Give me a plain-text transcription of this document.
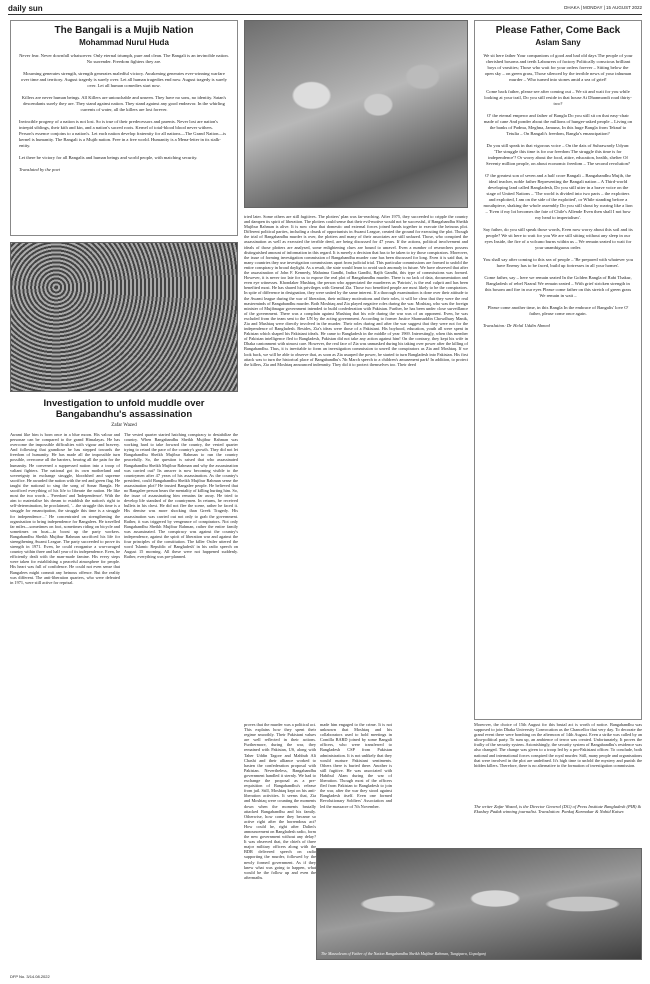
daily sun	DHAKA | MONDAY | 15 AUGUST 2022
The Bangali is a Mujib Nation
Mohammad Nurul Huda
Never fear. Never downfall whatsoever. Only eternal triumph, pure and clean. The Bangali is an invincible nation. No surrender. Freedom fighters they are.
Mourning generates strength, strength generates maledful victory. Awakening generates ever-winning warfare over time and territory. August tragedy is surely over. Let all human tragedies end now. August tragedy is surely over. Let all human comedies start now.
Killers are never human beings. All Killers are untouchable and unseen. They have no sons, no identity. Satan's descendants surely they are. They stand against nation. They stand against any good endeavor. In the whirling currents of water, all the killers are lost forever.
Invincible progeny of a nation is not lost. So is true of their predecessors and parents. Never lost are nation's intrepid siblings, their kith and kin, and a nation's sacred roots. Kernel of total-blood blood never withers. Person's essence conjoins to a nation's. Let each nation develop fraternity for all nations—The Grand Nation—is kernel is humanity. The Bangali is a Mujib nation. Free in a free world. Humanity is a Mena-letter in its stalk-entity.
Let there be victory for all Bangalis and human beings and world people, with matching security.
Translated by the poet
Investigation to unfold muddle over Bangabandhu's assassination
Zafar Wazed
Awami like him is born once in a blue moon. His valour and personae can be compared to the grand Himalayas. He has overcome the impossible difficulties with vigour and bravery. And following that grandiose he has stepped towards the freedom of humanity. He has made all the impossible turn possible, overcome all the barriers, bearing all the pain for the humanity. He convened a suppressed nation into a troop of valiant fighters. The national got its own motherland and sovereignty in exchange struggle, bloodshed and supreme sacrifice. He awarded the nation with the red and green flag. He taught the national to sing the song of Sonar Bangla. He sacrificed everything of his life to liberate the nation. He like most the two words – 'Freedom' and 'Independence'. With the aim to materialise his dream to establish the nation's right to self-determination, he proclaimed, '…the struggle this time is a struggle for emancipation, the struggle this time is a struggle for independence…' He concentrated on strengthening the organisation to bring independence for Bangalees. He travelled far miles—sometimes on foot, sometimes riding on bicycle and sometimes on boat—to boost up the party workers. Bangabandhu Sheikh Mujibur Rahman sacrificed his life for strengthening Awami League. The party succeeded to prove its strength in 1971. Even, he could reorganise a war-ravaged country within three and half year of its independence. Even, he efficiently dealt with the man-made famine. His every steps were taken for establishing a peaceful atmosphere for people. His heart was full of confidence. He could not even sense that Bangalees might commit any heinous offence. But the reality was different. The anti-liberation quarters, who were defeated in 1971, were still active for reprisal.
The vested quarter started hatching conspiracy to destabilize the country. When Bangabandhu Sheikh Mujibur Rahman was working hard to take forward the country, the vested quarter trying to retard the pace of the country's growth. They did not let Bangabandhu Sheikh Mujibur Rahman to run the country peacefully. So, the question is raised that who assassinated Bangabandhu Sheikh Mujibur Rahman and why the assassination was carried out? Its answer is now becoming visible to the countrymen after 47 years of his assassination. As the country's president, could Bangabandhu Sheikh Mujibur Rahman sense the assassination plot? He trusted Bangalee people. He believed that no Bangalee person bears the mentality of killing hurting him. So, the issue of assassinating him remains far away. He tried to develop life standard of the countrymen. In returns, he received bullets in his chest. He did not flee the scene, rather he faced it. His demise was more shocking than Greek Tragedy. His assassination was carried out not only to grab the government. Rather, it was triggered by vengeance of conspirators. Not only Bangabandhu Sheikh Mujibur Rahman, rather the entire family was assassinated. The conspiracy was against the country's independence, against the spirit of liberation war and against the four principles of the constitution. The killer Ostler uttered the word 'Islamic Republic of Bangladesh' in his radio speech on August 15 morning. All these were not happened suddenly. Rather, everything was pre-planned.
tried later. Some others are still fugitives. The plotters' plan was far-reaching. After 1975, they succeeded to cripple the country and dampen its spirit of liberation. The plotters could sense that their evil-motive would not be successful, if Bangabandhu Sheikh Mujibur Rahman is alive. It is now clear that domestic and external forces joined hands together to execute the heinous plot. Different political parties, including a chunk of opportunists in Awami League, created the ground for executing the plot. Though the trial of Bangabandhu murder is over, the plotters and many of their associates are still unfazed. Those, who conspired the assassination as well as executed the terrible deed, are being discussed for 47 years. If the actions, political involvement and ideals of those plotters are analysed, some enlightening clues are bound to unravel. Even a number of researchers possess distinguished amount of information in this regard. It is merely a decision that has to be taken to try those conspirators. Moreover, the issue of forming investigation commission of Bangabandhu murder case has been discussed for long. Even it is said that, in many countries they use investigation commissions apart from judicial trial. This particular commissions are formed to unfold the entire conspiracy in broad daylight. As a result, the state would learn to avoid such anomaly in future. We have observed that after the assassination of John F. Kennedy, Mahatma Gandhi, Indira Gandhi, Rajib Gandhi, this type of commissions was formed. However, it is never too late for us to expose the real plot of Bangabandhu murder. There is no lack of data, documentation and even eye witnesses. Khondaker Mushtaq, the person who appreciated the murderers as 'Patriots', is the real culprit and has been benefited most. He has shared his privileges with General Zia. Those two benefited people are most likely to be the conspirators. In spite of difference in designation, they were united by the same interest. If a thorough examination is done over their attitude to the Awami league during the war of liberation, their military motivations and their roles, it will be clear that they were the real masterminds of Bangabandhu murder. Both Moshtaq and Zia played negative roles during the war. Moshtaq, who was the foreign minister of Mujibnagar government intended to build confederation with Pakistan. Further, he has been under close surveillance of the government. There was a complain against Mushtaq that his role during the war was of an opponent. Even, he was excluded from the team sent to the UN by the acting government. According to former Justice Shamsuddin Chowdhury Manik, Zia and Mushtaq were directly involved in the murder. Their roles during and after the war suggest that they were not for the independence of Bangladesh. Besides, Zia's ideas were those of a Pakistani. His boyhood, education, youth all were spent in Pakistan which shaped his Pakistani ideals. He came to Bangladesh in the middle of year 1969. Interestingly, when this member of Pakistan intelligence fled to Bangladesh, Pakistan did not take any action against him! On the contrary, they kept his wife in Dhaka cantonment with utmost care. However, the real face of Zia was unmasked during his taking over power after the killing of Bangabandhu. Thus, it is inevitable to form an investigation commission to unveil the conspirators as Zia and Moshtaq. If we look back, we will be able to observe that, as soon as Zia usurped the power, he started to turn Bangladesh into Pakistan. His first attack was to turn the historical place of Bangabandhu's 7th March speech to a children's amusement park! In addition, to protect the killers, Zia and Moshtaq announced indemnity. They did it to protect themselves too. Their deed
proves that the murder was a political act. This explains how they spent their regime smoothly. Their Pakistani values are well reflected in their actions. Furthermore, during the war, they remained with Pakistan, US, along with Taher Uddin Tagore and Mahbub Ali Chashi and their alliance worked to hasten the confederation proposal with Pakistan. Nevertheless, Bangabandhu government handled it sternly. We had to exchange the proposal as a pre-requisition of Bangabandhu's release from jail. Still, Moshtaq kept on his anti-liberation activities. It seems that, Zia and Moshtaq were counting the moments down when the moments brutally attacked Bangabandhu and his family. Otherwise, how come they became so active right after the horrendous act? How could he, right after Dalim's announcement on Bangladesh radio, form the new government without any delay? It was observed that, the chiefs of three major military officers along with the BDR delivered speech on radio supporting the murder, followed by the newly formed government. As if they knew what was going to happen, what would be the follow up and even the aftermaths.
made him engaged to the crime. It is not unknown that Moshtaq and his collaborators used to hold meetings in Comilla BARD joined by some Bangali officers, who were transferred to Bangladesh CSP from Pakistan administration. It is not unlikely that they would nurture Pakistani sentiments. Others there is buried there. Another is still fugitive. He was associated with Habibul Alam during the war of liberation. Though most of the officers fled from Pakistan to Bangladesh to join the war, after the war they stood against Bangladesh itself. Even one formed Revolutionary Soldiers' Association and led the massacre of 7th November.
Please Father, Come Back
Aslam Sany
We sit here father Your companions of good and bad old days The people of your cherished bosoms and teeth Labourers of factory Politically conscious brilliant boys of varsities; Those who wait for your orders forever – Sitting below the open sky – on green grass, Those silenced by the terrible news of your inhuman murder – Who turned into stones amid a sea of grief!
Come back father, please see after coming out – We sit and wait for you while looking at your trail, Do you still reside in that house At Dhanmondi road thirty-two?
O' the eternal emperor and father of Bangla Do you still sit on that easy-chair made of cane And ponder about the millions of hunger-asked people – Living on the banks of Padma, Meghna, Jamuna, In this huge Bangla from Teknaf to Tetulia – On Bangali's freedom, Bangla's emancipation?
Do you still speak in that vigorous voice – On the dais of Suhrawardy Udyan: 'The struggle this time is for our freedom The struggle this time is for independence'? Or worry about the food, attire, education, health, shelter Of Seventy million people, on about economic freedom – The second revolution?
O' the greatest son of seven and a half crore Bangali – Bangabandhu Mujib, the ideal teacher, noble father Representing the Bangali nation – A Third-world developing land called Bangladesh, Do you still utter in a brave voice on the stage of United Nations – 'The world is divided into two parts – the exploiters and exploited, I am on the side of the exploited', or While standing before a mouthpiece, shaking the whole assembly Do you still shout by roaring like a lion – 'Even if my lot becomes the fate of Chile's Allende Even then shall I not bow my head to imperialism'.
Say father, do you still speak those words, Even now worry about this soil and its people? We sit here to wait for you We are still sitting without any sleep in our eyes Inside, the fire of a volcano burns within us – We remain seated to wait for your unambiguous order.
You shall say after coming to this sea of people – 'Be prepared with whatever you have Enemy has to be faced, build up fortresses in all your homes'.
Come father, say – here we remain seated In the Golden Bangla of Rabi Thakur, Bangladesh of rebel Nazrul We remain seated – With grief stricken strength in this bosom and fire in our eyes Please come father on this stretch of green grass We remain in wait –
Please come another time, in this Bangla In the embrace of Bangalis' love O' father, please come once again.
Translation: Dr Helal Uddin Ahmed
Moreover, the choice of 15th August for this brutal act is worth of notice. Bangabandhu was supposed to join Dhaka University Convocation as the Chancellor that very day. To decorate the grand event there were bombing on the afternoon of 14th August. Even a strike was called by an ultra-political party. To sum up, an ambience of terror was created. Unfortunately, It proves the frailty of the security system. Astonishingly, the security system of Bangabandhu's residence was also changed. The change was given to a troop led by a pro-Pakistani officer. To conclude, both national and international forces conspired the royal murder. Still, many people and organisations that were involved in the plot are undefined. It's high time to unfold the mystery and punish the hidden killers. Therefore, there is no alternative to the formation of investigation commission.
The writer Zafar Wazed, is the Director General (DG) of Press Institute Bangladesh (PIB) & Ekushey Padak winning journalist. Translation: Pankaj Karmakar & Nahid Kaiser.
The Mausoleum of Father of the Nation Bangabandhu Sheikh Mujibur Rahman, Tungipara, Gopalganj
DFP No. 3/14.08.2022
